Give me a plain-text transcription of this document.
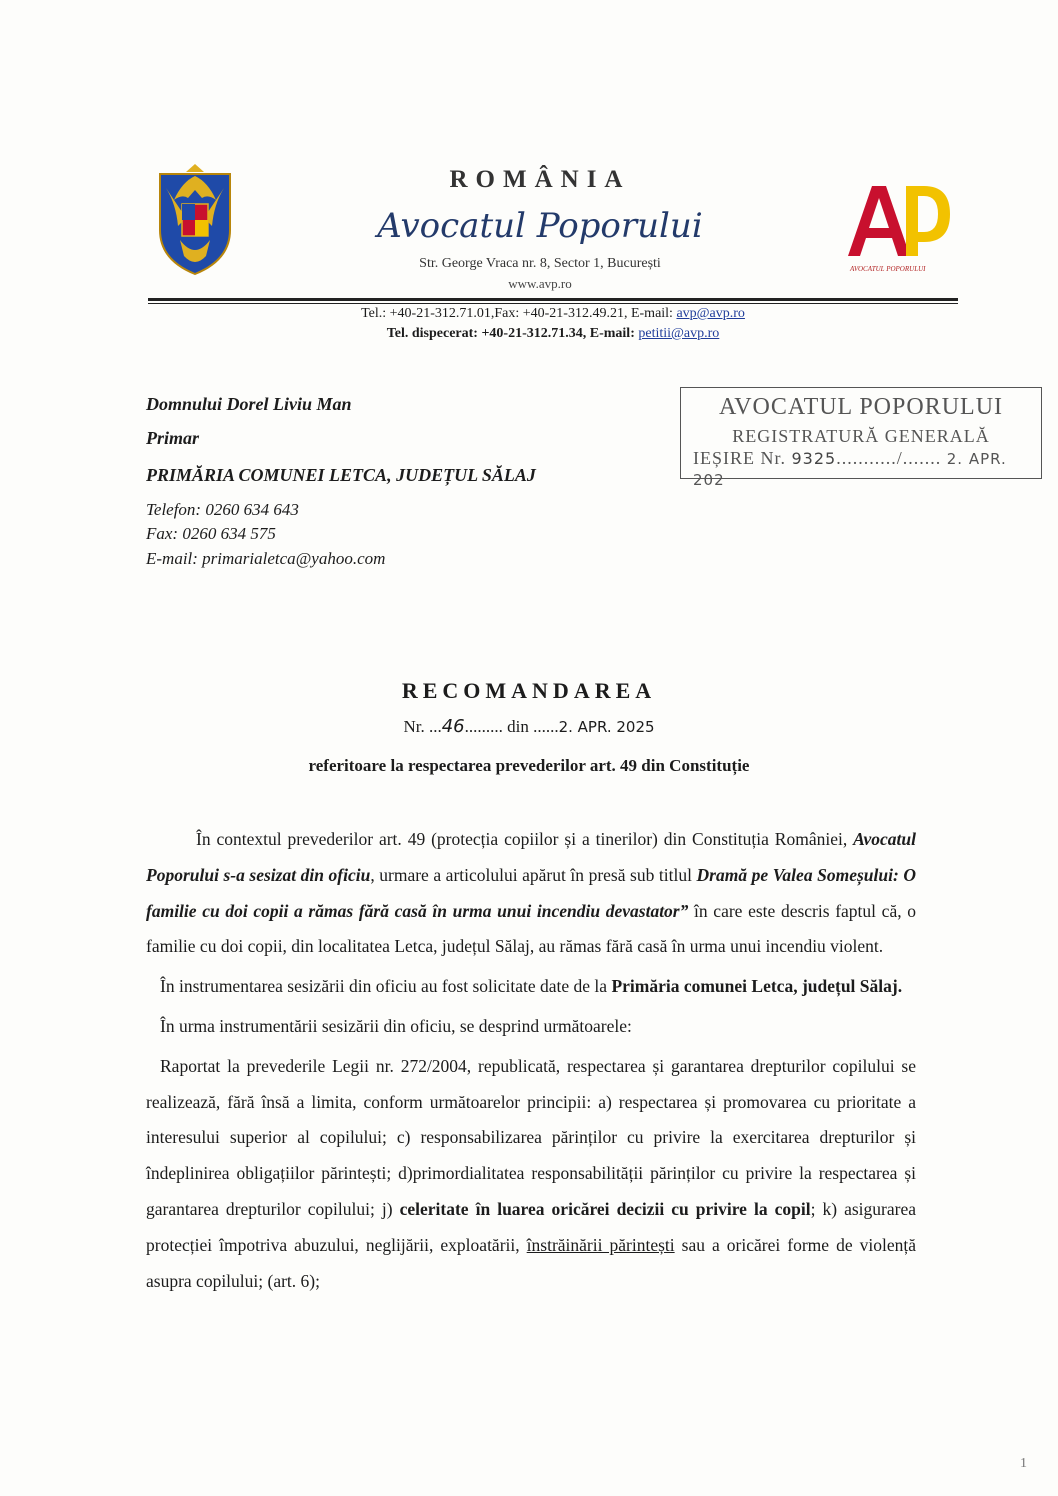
ROMÂNIA
Avocatul Poporului
Str. George Vraca nr. 8, Sector 1, București
www.avp.ro
AVOCATUL POPORULUI
Tel.: +40-21-312.71.01,Fax: +40-21-312.49.21, E-mail: avp@avp.ro
Tel. dispecerat: +40-21-312.71.34, E-mail: petitii@avp.ro
Domnului Dorel Liviu Man
Primar
PRIMĂRIA COMUNEI LETCA, JUDEȚUL SĂLAJ
Telefon: 0260 634 643
Fax: 0260 634 575
E-mail: primarialetca@yahoo.com
AVOCATUL POPORULUI
REGISTRATURĂ GENERALĂ
IEȘIRE Nr. 9325.........../....... 2. APR. 202
RECOMANDAREA
Nr. ...46......... din ......2. APR. 2025
referitoare la respectarea prevederilor art. 49 din Constituție

În contextul prevederilor art. 49 (protecția copiilor și a tinerilor) din Constituția României, Avocatul Poporului s-a sesizat din oficiu, urmare a articolului apărut în presă sub titlul Dramă pe Valea Someșului: O familie cu doi copii a rămas fără casă în urma unui incendiu devastator” în care este descris faptul că, o familie cu doi copii, din localitatea Letca, județul Sălaj, au rămas fără casă în urma unui incendiu violent.

În instrumentarea sesizării din oficiu au fost solicitate date de la Primăria comunei Letca, județul Sălaj.

În urma instrumentării sesizării din oficiu, se desprind următoarele:

Raportat la prevederile Legii nr. 272/2004, republicată, respectarea și garantarea drepturilor copilului se realizează, fără însă a limita, conform următoarelor principii: a) respectarea și promovarea cu prioritate a interesului superior al copilului; c) responsabilizarea părinților cu privire la exercitarea drepturilor și îndeplinirea obligațiilor părintești; d)primordialitatea responsabilității părinților cu privire la respectarea și garantarea drepturilor copilului; j) celeritate în luarea oricărei decizii cu privire la copil; k) asigurarea protecției împotriva abuzului, neglijării, exploatării, înstrăinării părintești sau a oricărei forme de violență asupra copilului; (art. 6);

1
